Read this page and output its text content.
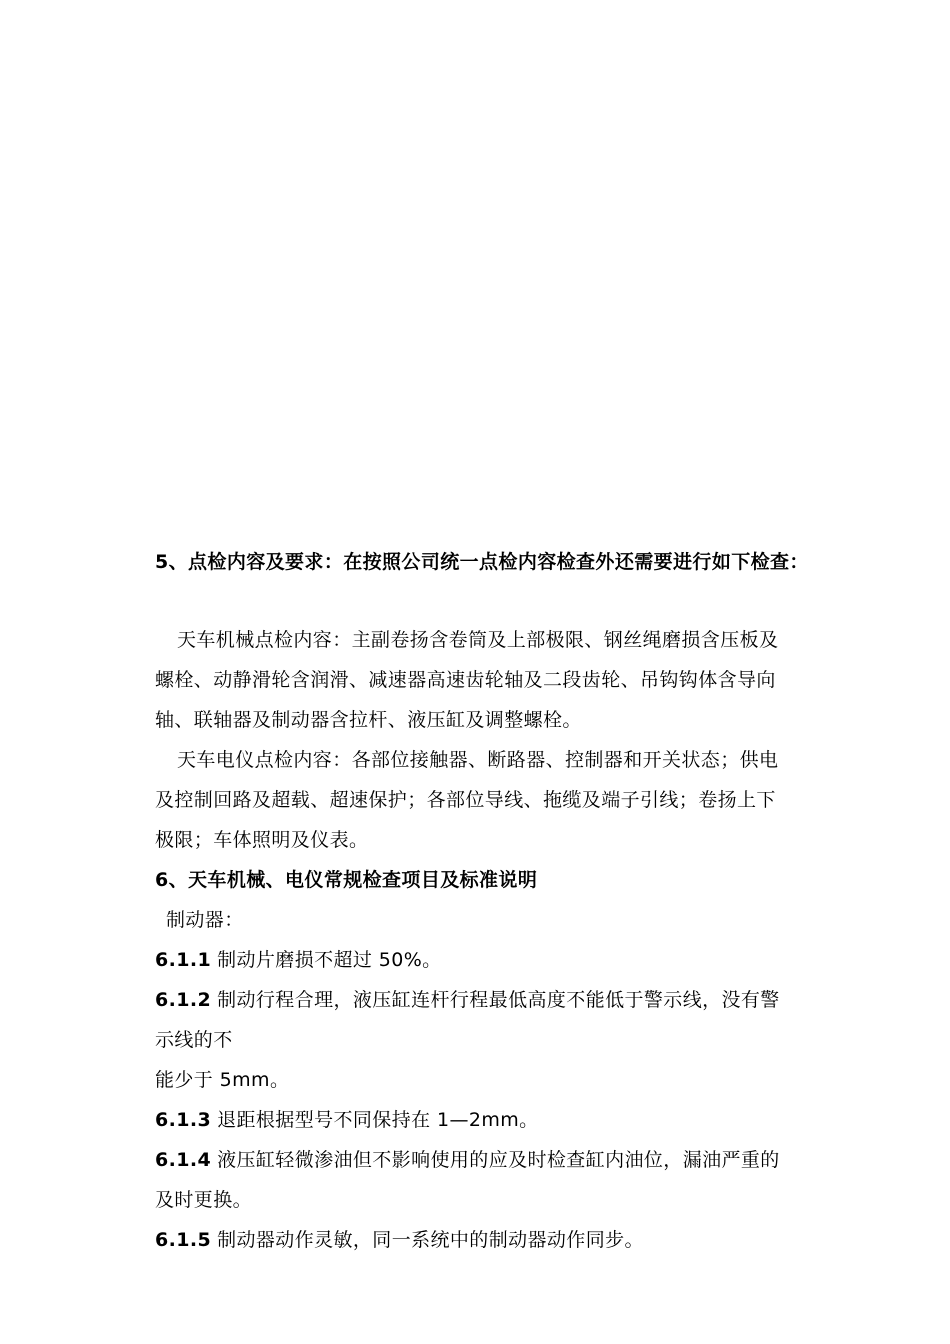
5、点检内容及要求：在按照公司统一点检内容检查外还需要进行如下检查：
天车机械点检内容：主副卷扬含卷筒及上部极限、钢丝绳磨损含压板及
螺栓、动静滑轮含润滑、减速器高速齿轮轴及二段齿轮、吊钩钩体含导向
轴、联轴器及制动器含拉杆、液压缸及调整螺栓。
天车电仪点检内容：各部位接触器、断路器、控制器和开关状态；供电
及控制回路及超载、超速保护；各部位导线、拖缆及端子引线；卷扬上下
极限；车体照明及仪表。
6、天车机械、电仪常规检查项目及标准说明
制动器：
6.1.1 制动片磨损不超过 50%。
6.1.2 制动行程合理，液压缸连杆行程最低高度不能低于警示线，没有警
示线的不
能少于 5mm。
6.1.3 退距根据型号不同保持在 1—2mm。
6.1.4 液压缸轻微渗油但不影响使用的应及时检查缸内油位，漏油严重的
及时更换。
6.1.5 制动器动作灵敏，同一系统中的制动器动作同步。
